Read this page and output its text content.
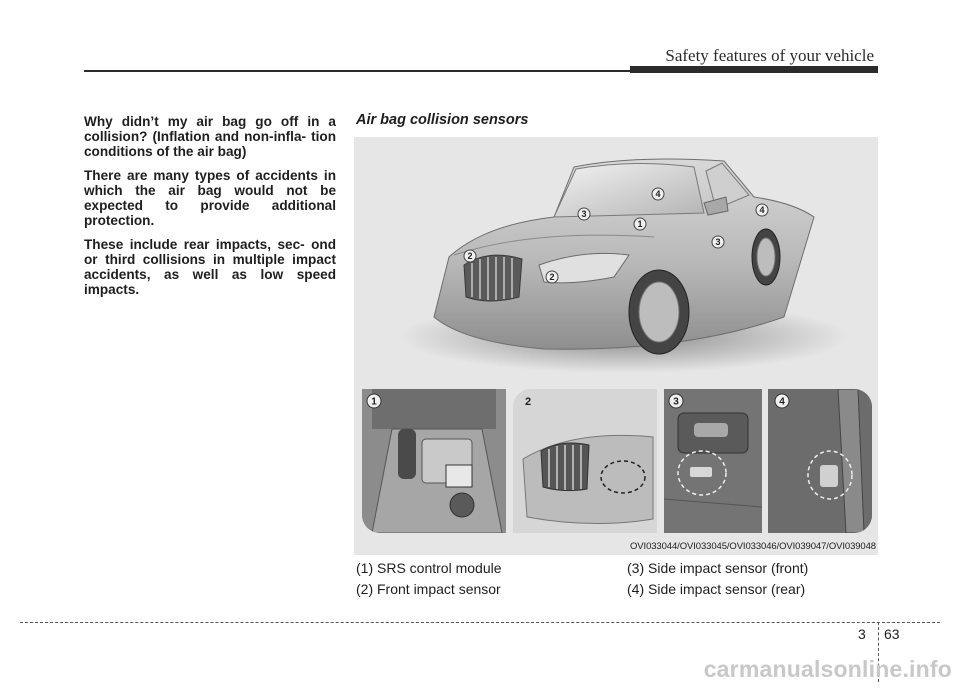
Safety features of your vehicle

Why didn’t my air bag go off in a collision? (Inflation and non-infla- tion conditions of the air bag)

There are many types of accidents in which the air bag would not be expected to provide additional protection.

These include rear impacts, sec- ond or third collisions in multiple impact accidents, as well as low speed impacts.

Air bag collision sensors
1
2
2
3
3
4
4
1	2	3	4
OVI033044/OVI033045/OVI033046/OVI039047/OVI039048
(1) SRS control module
(2) Front impact sensor
(3) Side impact sensor (front)
(4) Side impact sensor (rear)
3 63
carmanualsonline.info
